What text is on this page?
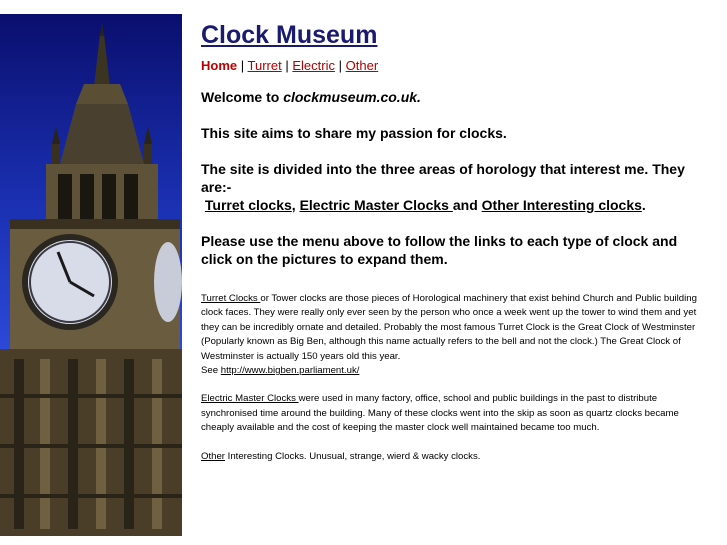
Clock Museum
Home | Turret | Electric | Other

Welcome to clockmuseum.co.uk.

This site aims to share my passion for clocks.

The site is divided into the three areas of horology that interest me. They are:-
Turret clocks, Electric Master Clocks and Other Interesting clocks.

Please use the menu above to follow the links to each type of clock and click on the pictures to expand them.

Turret Clocks or Tower clocks are those pieces of Horological machinery that exist behind Church and Public building clock faces. They were really only ever seen by the person who once a week went up the tower to wind them and yet they can be incredibly ornate and detailed. Probably the most famous Turret Clock is the Great Clock of Westminster (Popularly known as Big Ben, although this name actually refers to the bell and not the clock.) The Great Clock of Westminster is actually 150 years old this year.
See http://www.bigben.parliament.uk/

Electric Master Clocks were used in many factory, office, school and public buildings in the past to distribute synchronised time around the building. Many of these clocks went into the skip as soon as quartz clocks became cheaply available and the cost of keeping the master clock well maintained became too much.

Other Interesting Clocks. Unusual, strange, wierd & wacky clocks.
